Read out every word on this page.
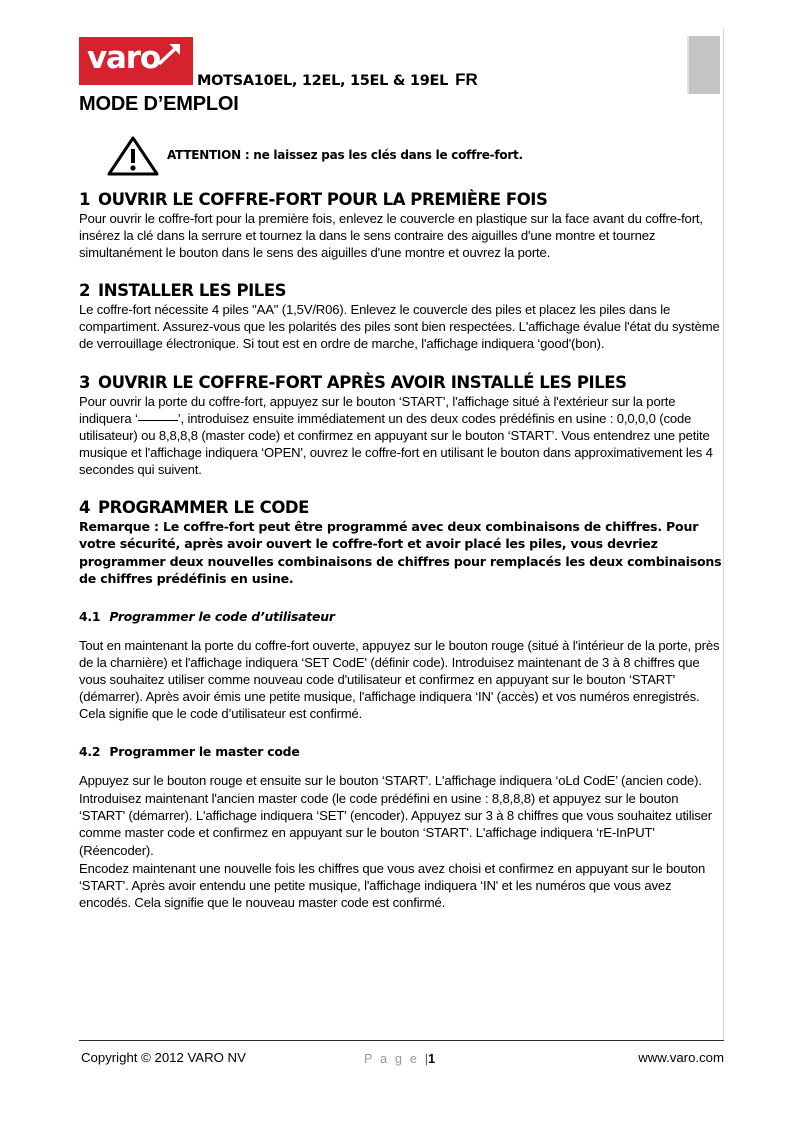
varo
MOTSA10EL, 12EL, 15EL & 19EL FR
MODE D’EMPLOI
ATTENTION : ne laissez pas les clés dans le coffre-fort.
1 OUVRIR LE COFFRE-FORT POUR LA PREMIÈRE FOIS

Pour ouvrir le coffre-fort pour la première fois, enlevez le couvercle en plastique sur la face avant du coffre-fort, insérez la clé dans la serrure et tournez la dans le sens contraire des aiguilles d'une montre et tournez simultanément le bouton dans le sens des aiguilles d'une montre et ouvrez la porte.

2 INSTALLER LES PILES

Le coffre-fort nécessite 4 piles "AA" (1,5V/R06). Enlevez le couvercle des piles et placez les piles dans le compartiment. Assurez-vous que les polarités des piles sont bien respectées. L'affichage évalue l'état du système de verrouillage électronique. Si tout est en ordre de marche, l'affichage indiquera ‘good'(bon).

3 OUVRIR LE COFFRE-FORT APRÈS AVOIR INSTALLÉ LES PILES

Pour ouvrir la porte du coffre-fort, appuyez sur le bouton ‘START’, l'affichage situé à l'extérieur sur la porte indiquera ‘	’, introduisez ensuite immédiatement un des deux codes prédéfinis en usine : 0,0,0,0 (code utilisateur) ou 8,8,8,8 (master code) et confirmez en appuyant sur le bouton ‘START’. Vous entendrez une petite musique et l'affichage indiquera ‘OPEN', ouvrez le coffre-fort en utilisant le bouton dans approximativement les 4 secondes qui suivent.

4 PROGRAMMER LE CODE

Remarque : Le coffre-fort peut être programmé avec deux combinaisons de chiffres. Pour votre sécurité, après avoir ouvert le coffre-fort et avoir placé les piles, vous devriez programmer deux nouvelles combinaisons de chiffres pour remplacés les deux combinaisons de chiffres prédéfinis en usine.

4.1 Programmer le code d’utilisateur

Tout en maintenant la porte du coffre-fort ouverte, appuyez sur le bouton rouge (situé à l'intérieur de la porte, près de la charnière) et l'affichage indiquera ‘SET CodE' (définir code). Introduisez maintenant de 3 à 8 chiffres que vous souhaitez utiliser comme nouveau code d'utilisateur et confirmez en appuyant sur le bouton ‘START' (démarrer). Après avoir émis une petite musique, l'affichage indiquera ‘IN' (accès) et vos numéros enregistrés. Cela signifie que le code d’utilisateur est confirmé.

4.2 Programmer le master code

Appuyez sur le bouton rouge et ensuite sur le bouton ‘START'. L'affichage indiquera ‘oLd CodE’ (ancien code).

Introduisez maintenant l'ancien master code (le code prédéfini en usine : 8,8,8,8) et appuyez sur le bouton ‘START' (démarrer). L'affichage indiquera ‘SET' (encoder). Appuyez sur 3 à 8 chiffres que vous souhaitez utiliser comme master code et confirmez en appuyant sur le bouton ‘START'. L'affichage indiquera ‘rE-InPUT' (Réencoder).

Encodez maintenant une nouvelle fois les chiffres que vous avez choisi et confirmez en appuyant sur le bouton ‘START'. Après avoir entendu une petite musique, l'affichage indiquera ‘IN' et les numéros que vous avez encodés. Cela signifie que le nouveau master code est confirmé.

Copyright © 2012 VARO NV	P a g e |1	www.varo.com
